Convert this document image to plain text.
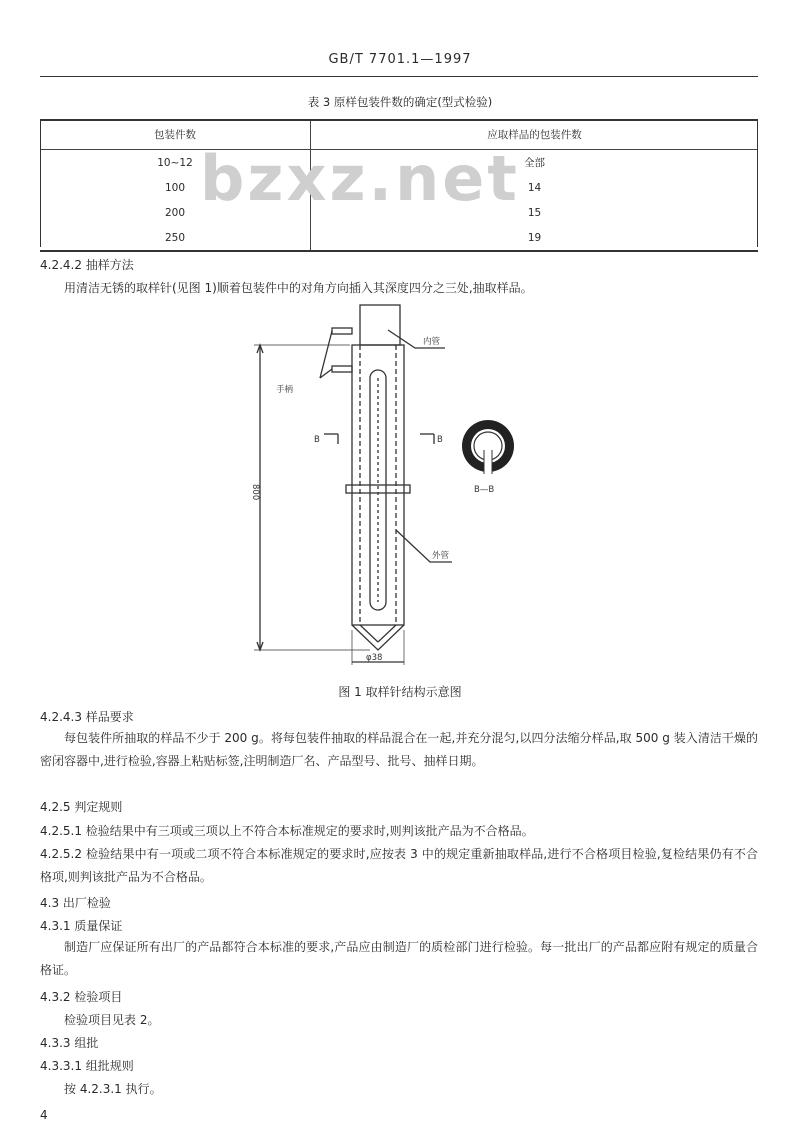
GB/T 7701.1—1997
表 3 原样包装件数的确定(型式检验)
包装件数	应取样品的包装件数
10~12	全部
100	14
200	15
250	19
bzxz.net
4.2.4.2 抽样方法
用清洁无锈的取样针(见图 1)顺着包装件中的对角方向插入其深度四分之三处,抽取样品。
内管
手柄
外管
B	B
B—B
800
φ38
图 1 取样针结构示意图
4.2.4.3 样品要求
每包装件所抽取的样品不少于 200 g。将每包装件抽取的样品混合在一起,并充分混匀,以四分法缩分样品,取 500 g 装入清洁干燥的密闭容器中,进行检验,容器上粘贴标签,注明制造厂名、产品型号、批号、抽样日期。
4.2.5 判定规则
4.2.5.1 检验结果中有三项或三项以上不符合本标准规定的要求时,则判该批产品为不合格品。
4.2.5.2 检验结果中有一项或二项不符合本标准规定的要求时,应按表 3 中的规定重新抽取样品,进行不合格项目检验,复检结果仍有不合格项,则判该批产品为不合格品。
4.3 出厂检验
4.3.1 质量保证
制造厂应保证所有出厂的产品都符合本标准的要求,产品应由制造厂的质检部门进行检验。每一批出厂的产品都应附有规定的质量合格证。
4.3.2 检验项目
检验项目见表 2。
4.3.3 组批
4.3.3.1 组批规则
按 4.2.3.1 执行。
4
